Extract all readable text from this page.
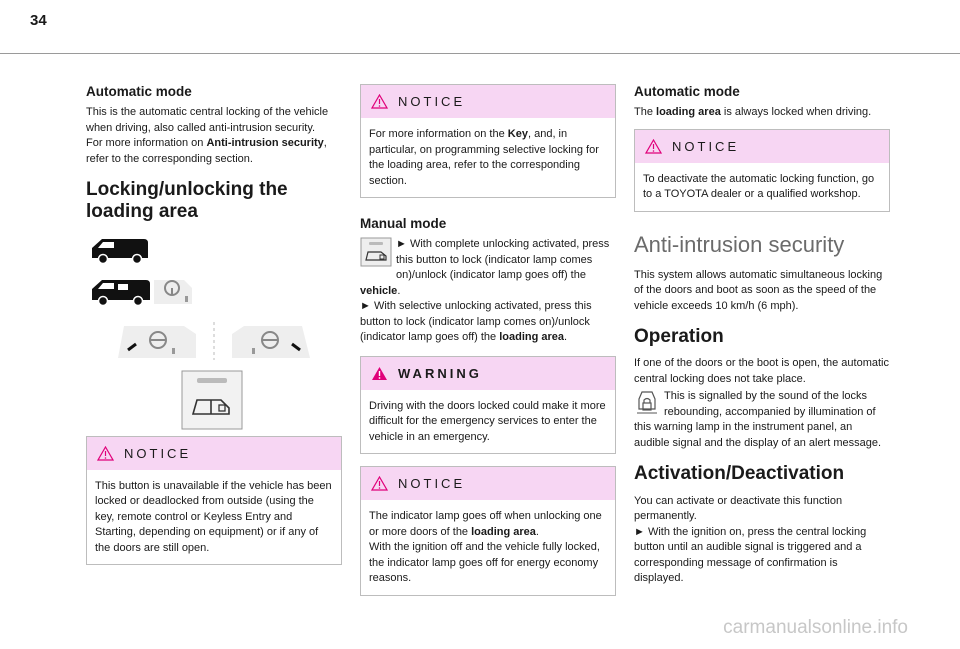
34
Automatic mode

This is the automatic central locking of the vehicle when driving, also called anti-intrusion security.

For more information on Anti-intrusion security, refer to the corresponding section.

Locking/unlocking the loading area
NOTICE
This button is unavailable if the vehicle has been locked or deadlocked from outside (using the key, remote control or Keyless Entry and Starting, depending on equipment) or if any of the doors are still open.
NOTICE
For more information on the Key, and, in particular, on programming selective locking for the loading area, refer to the corresponding section.
Manual mode

► With complete unlocking activated, press this button to lock (indicator lamp comes on)/unlock (indicator lamp goes off) the vehicle.

► With selective unlocking activated, press this button to lock (indicator lamp comes on)/unlock (indicator lamp goes off) the loading area.

WARNING
Driving with the doors locked could make it more difficult for the emergency services to enter the vehicle in an emergency.
NOTICE
The indicator lamp goes off when unlocking one or more doors of the loading area.
With the ignition off and the vehicle fully locked, the indicator lamp goes off for energy economy reasons.
Automatic mode

The loading area is always locked when driving.

NOTICE
To deactivate the automatic locking function, go to a TOYOTA dealer or a qualified workshop.
Anti-intrusion security

This system allows automatic simultaneous locking of the doors and boot as soon as the speed of the vehicle exceeds 10 km/h (6 mph).

Operation

If one of the doors or the boot is open, the automatic central locking does not take place.

This is signalled by the sound of the locks rebounding, accompanied by illumination of this warning lamp in the instrument panel, an audible signal and the display of an alert message.

Activation/Deactivation

You can activate or deactivate this function permanently.

► With the ignition on, press the central locking button until an audible signal is triggered and a corresponding message of confirmation is displayed.

carmanualsonline.info
